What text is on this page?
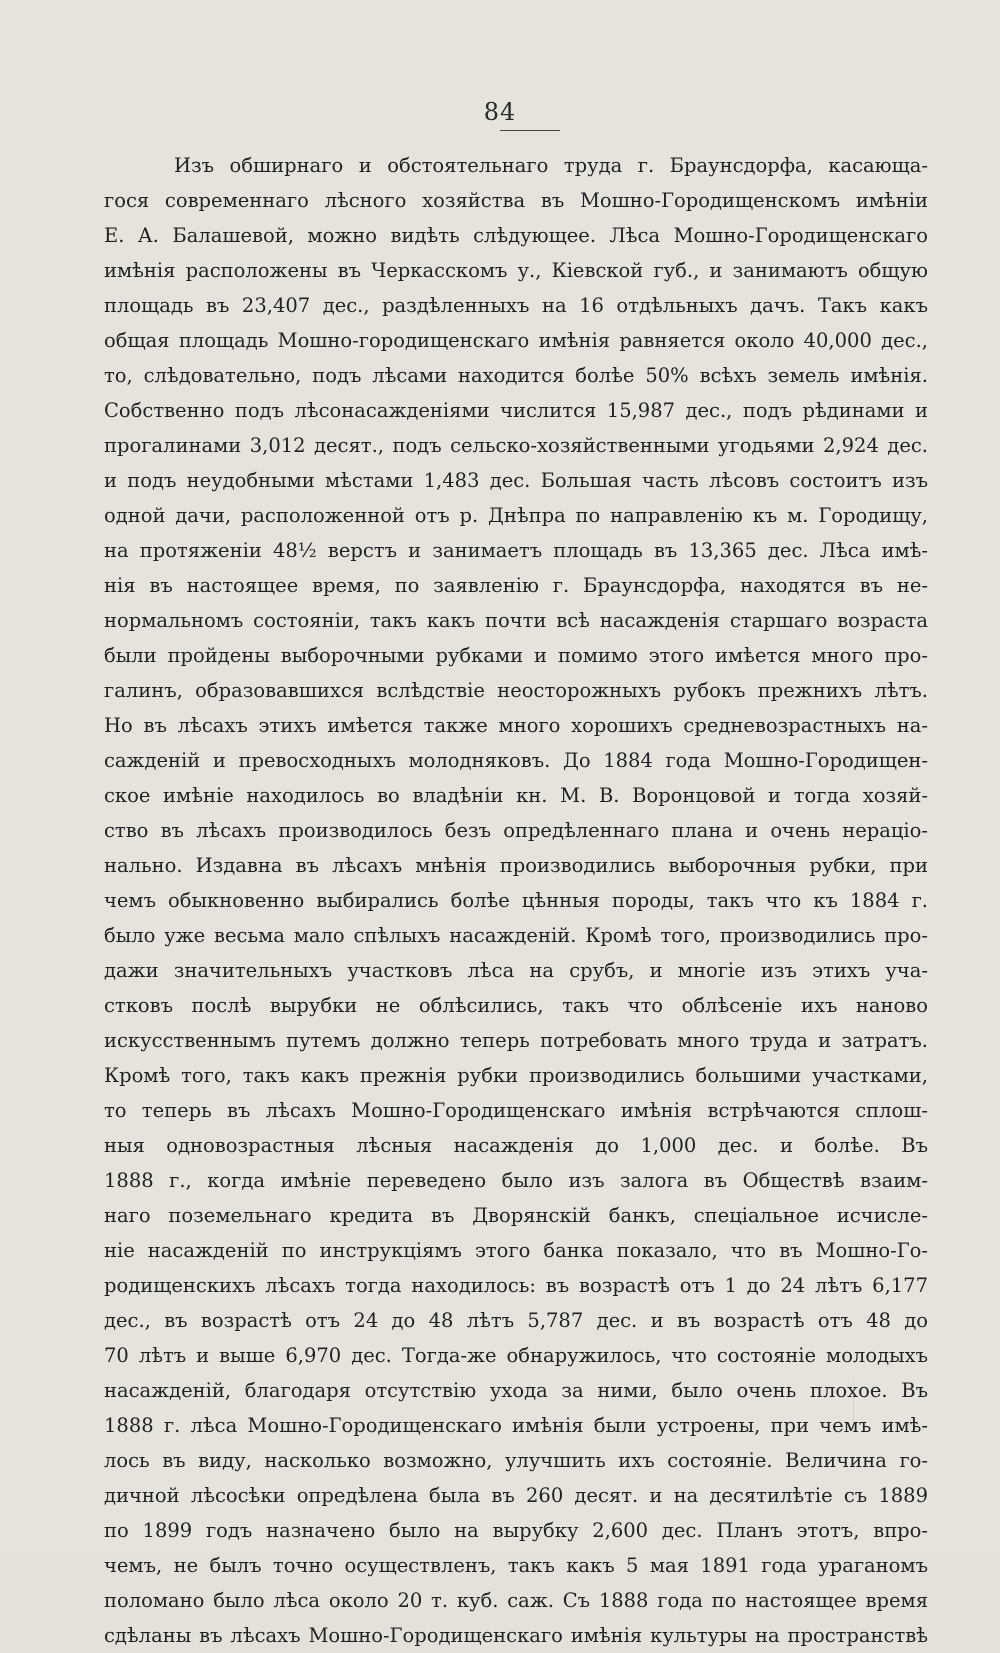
84
Изъ обширнаго и обстоятельнаго труда г. Браунсдорфа, касающа-
гося современнаго лѣсного хозяйства въ Мошно-Городищенскомъ имѣніи
Е. А. Балашевой, можно видѣть слѣдующее. Лѣса Мошно-Городищенскаго
имѣнія расположены въ Черкасскомъ у., Кіевской губ., и занимаютъ общую
площадь въ 23,407 дес., раздѣленныхъ на 16 отдѣльныхъ дачъ. Такъ какъ
общая площадь Мошно-городищенскаго имѣнія равняется около 40,000 дес.,
то, слѣдовательно, подъ лѣсами находится болѣе 50% всѣхъ земель имѣнія.
Собственно подъ лѣсонасажденіями числится 15,987 дес., подъ рѣдинами и
прогалинами 3,012 десят., подъ сельско-хозяйственными угодьями 2,924 дес.
и подъ неудобными мѣстами 1,483 дес. Большая часть лѣсовъ состоитъ изъ
одной дачи, расположенной отъ р. Днѣпра по направленію къ м. Городищу,
на протяженіи 48½ верстъ и занимаетъ площадь въ 13,365 дес. Лѣса имѣ-
нія въ настоящее время, по заявленію г. Браунсдорфа, находятся въ не-
нормальномъ состояніи, такъ какъ почти всѣ насажденія старшаго возраста
были пройдены выборочными рубками и помимо этого имѣется много про-
галинъ, образовавшихся вслѣдствіе неосторожныхъ рубокъ прежнихъ лѣтъ.
Но въ лѣсахъ этихъ имѣется также много хорошихъ средневозрастныхъ на-
сажденій и превосходныхъ молодняковъ. До 1884 года Мошно-Городищен-
ское имѣніе находилось во владѣніи кн. М. В. Воронцовой и тогда хозяй-
ство въ лѣсахъ производилось безъ опредѣленнаго плана и очень нераціо-
нально. Издавна въ лѣсахъ мнѣнія производились выборочныя рубки, при
чемъ обыкновенно выбирались болѣе цѣнныя породы, такъ что къ 1884 г.
было уже весьма мало спѣлыхъ насажденій. Кромѣ того, производились про-
дажи значительныхъ участковъ лѣса на срубъ, и многіе изъ этихъ уча-
стковъ послѣ вырубки не облѣсились, такъ что облѣсеніе ихъ наново
искусственнымъ путемъ должно теперь потребовать много труда и затратъ.
Кромѣ того, такъ какъ прежнія рубки производились большими участками,
то теперь въ лѣсахъ Мошно-Городищенскаго имѣнія встрѣчаются сплош-
ныя одновозрастныя лѣсныя насажденія до 1,000 дес. и болѣе. Въ
1888 г., когда имѣніе переведено было изъ залога въ Обществѣ взаим-
наго поземельнаго кредита въ Дворянскій банкъ, спеціальное исчисле-
ніе насажденій по инструкціямъ этого банка показало, что въ Мошно-Го-
родищенскихъ лѣсахъ тогда находилось: въ возрастѣ отъ 1 до 24 лѣтъ 6,177
дес., въ возрастѣ отъ 24 до 48 лѣтъ 5,787 дес. и въ возрастѣ отъ 48 до
70 лѣтъ и выше 6,970 дес. Тогда-же обнаружилось, что состояніе молодыхъ
насажденій, благодаря отсутствію ухода за ними, было очень плохое. Въ
1888 г. лѣса Мошно-Городищенскаго имѣнія были устроены, при чемъ имѣ-
лось въ виду, насколько возможно, улучшить ихъ состояніе. Величина го-
дичной лѣсосѣки опредѣлена была въ 260 десят. и на десятилѣтіе съ 1889
по 1899 годъ назначено было на вырубку 2,600 дес. Планъ этотъ, впро-
чемъ, не былъ точно осуществленъ, такъ какъ 5 мая 1891 года ураганомъ
поломано было лѣса около 20 т. куб. саж. Съ 1888 года по настоящее время
сдѣланы въ лѣсахъ Мошно-Городищенскаго имѣнія культуры на пространствѣ
